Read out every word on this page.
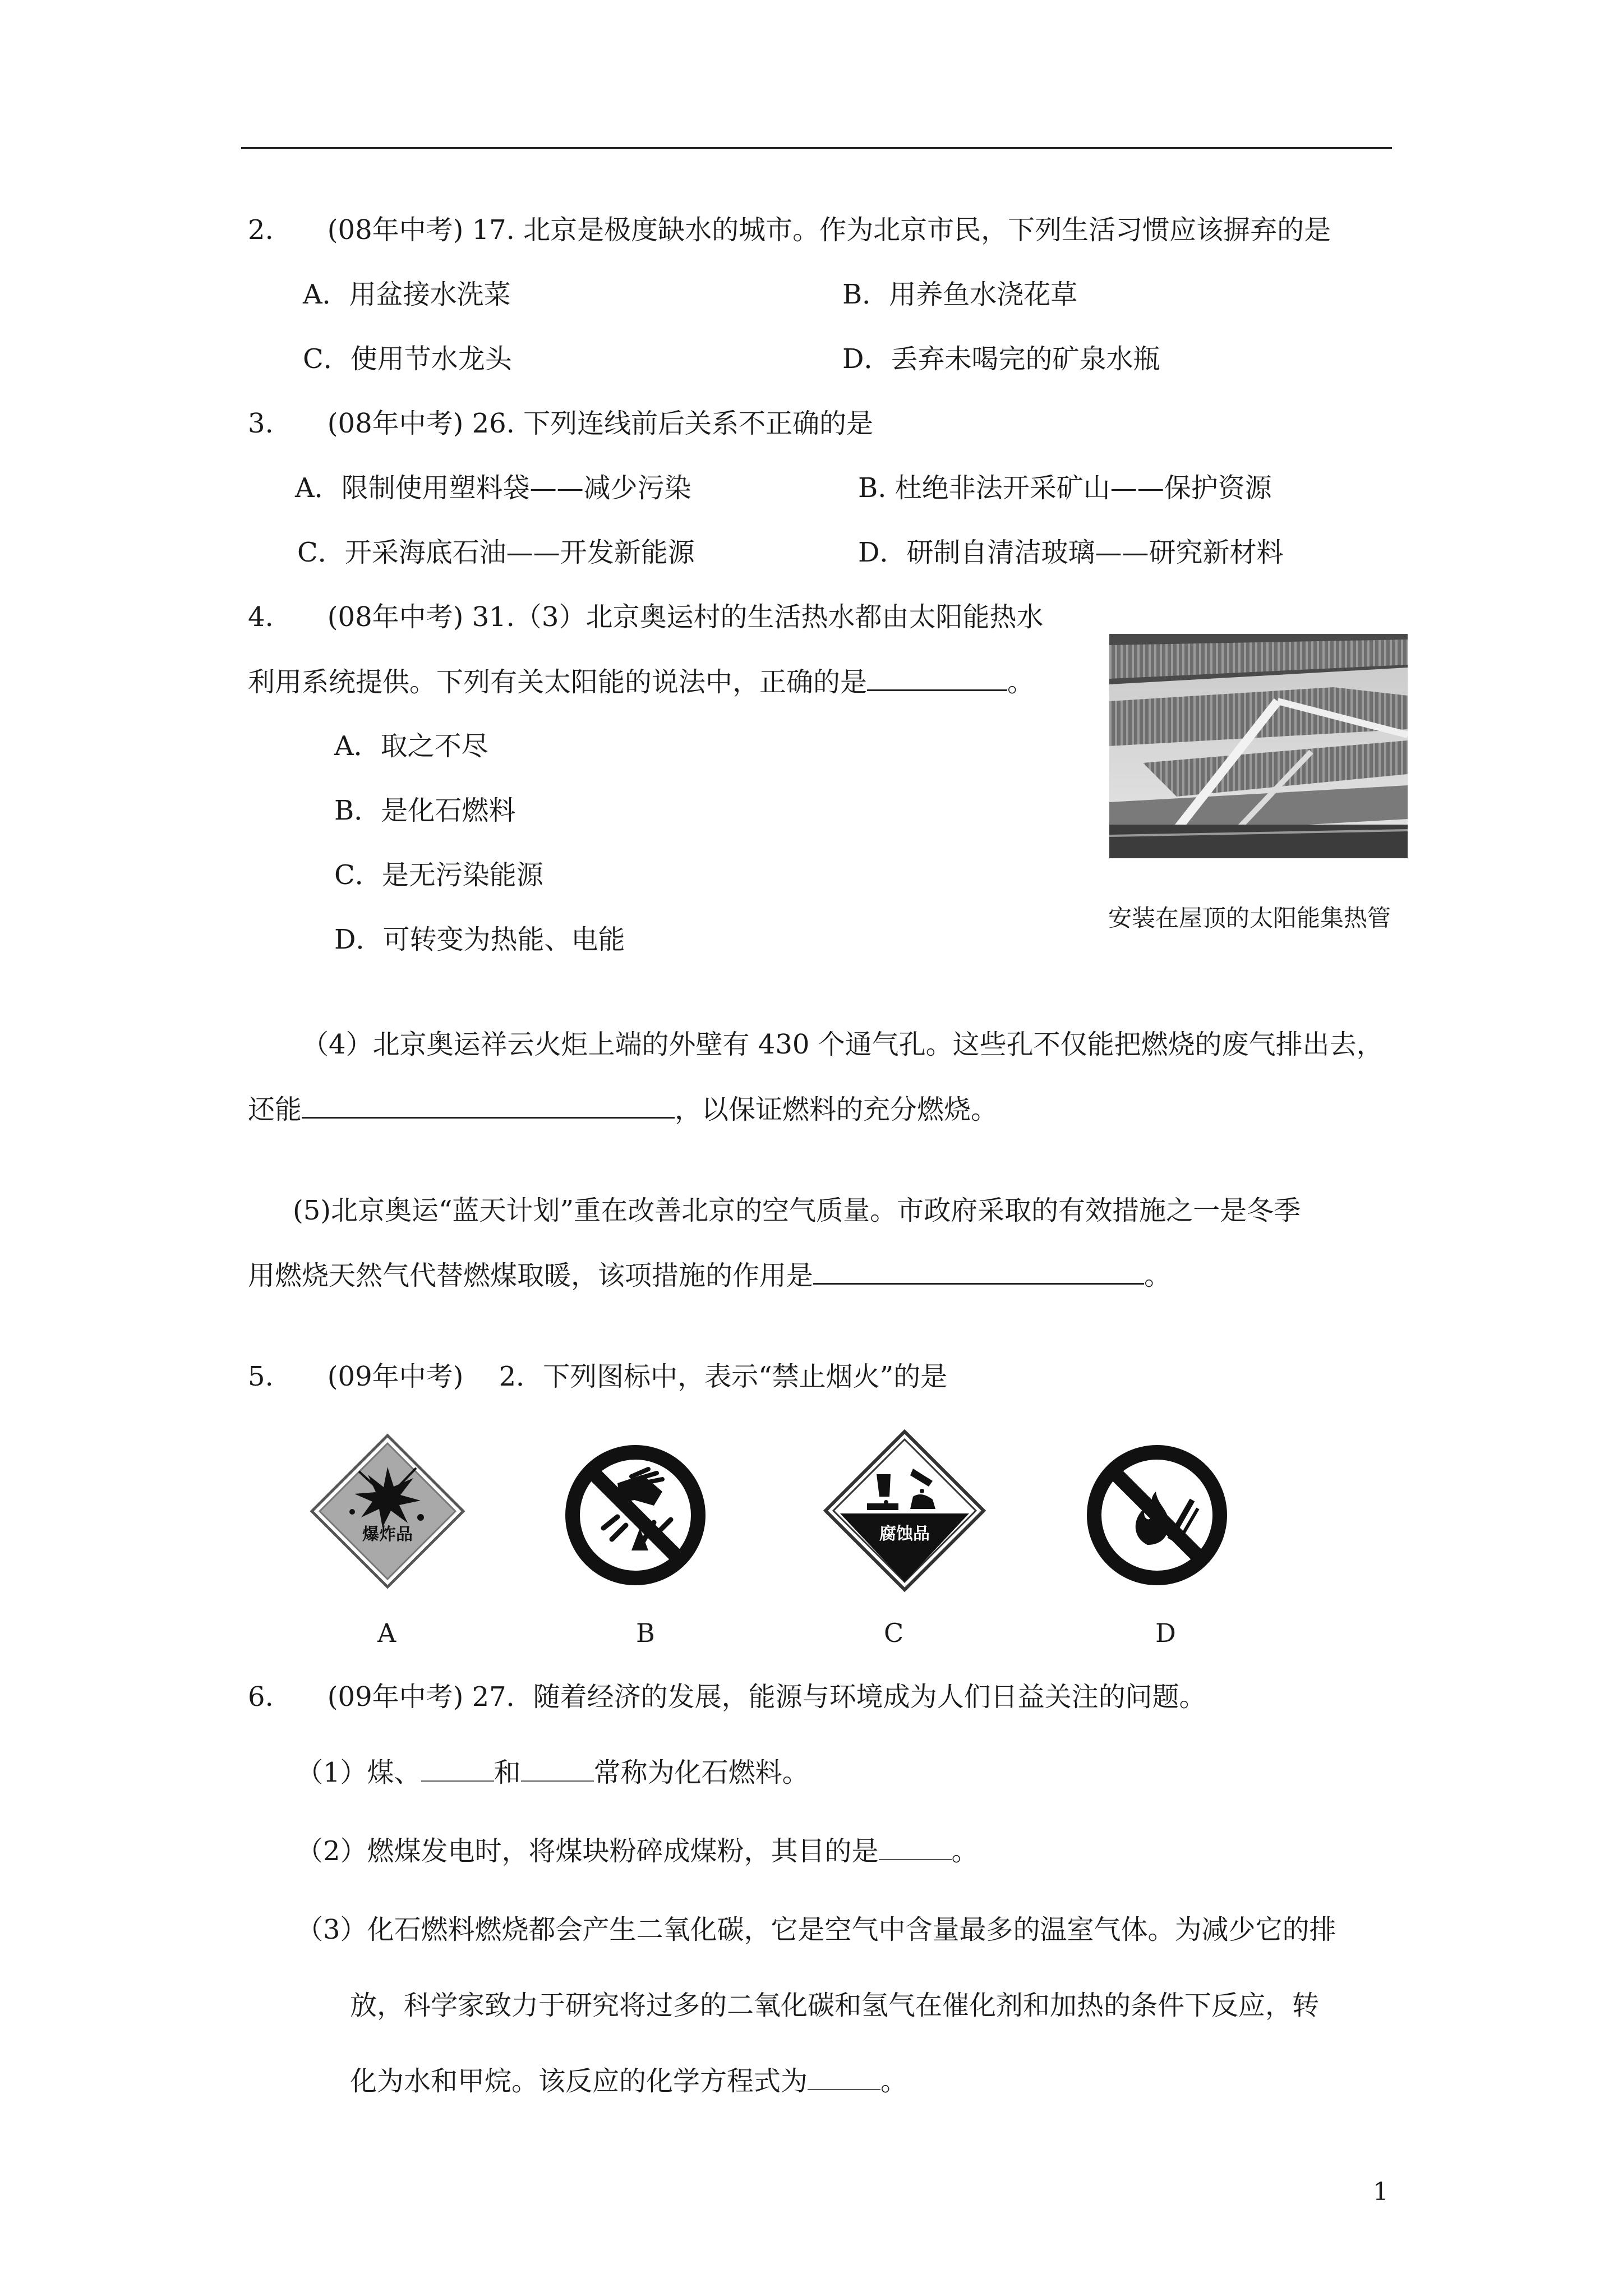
2.　　(08年中考) 17. 北京是极度缺水的城市。作为北京市民，下列生活习惯应该摒弃的是
A．用盆接水洗菜	B．用养鱼水浇花草
C．使用节水龙头	D．丢弃未喝完的矿泉水瓶
3.　　(08年中考) 26. 下列连线前后关系不正确的是
A．限制使用塑料袋——减少污染	B. 杜绝非法开采矿山——保护资源
C．开采海底石油——开发新能源	D．研制自清洁玻璃——研究新材料
4.　　(08年中考) 31.（3）北京奥运村的生活热水都由太阳能热水
利用系统提供。下列有关太阳能的说法中，正确的是	。
A．取之不尽
B．是化石燃料
C．是无污染能源
D．可转变为热能、电能
安装在屋顶的太阳能集热管
（4）北京奥运祥云火炬上端的外壁有 430 个通气孔。这些孔不仅能把燃烧的废气排出去，
还能	，以保证燃料的充分燃烧。
(5)北京奥运“蓝天计划”重在改善北京的空气质量。市政府采取的有效措施之一是冬季
用燃烧天然气代替燃煤取暖，该项措施的作用是	。
5.　　(09年中考)　 2．下列图标中，表示“禁止烟火”的是
爆炸品	腐蚀品
A	B	C	D
6.　　(09年中考) 27．随着经济的发展，能源与环境成为人们日益关注的问题。
（1）煤、	和	常称为化石燃料。
（2）燃煤发电时，将煤块粉碎成煤粉，其目的是	。
（3）化石燃料燃烧都会产生二氧化碳，它是空气中含量最多的温室气体。为减少它的排
放，科学家致力于研究将过多的二氧化碳和氢气在催化剂和加热的条件下反应，转
化为水和甲烷。该反应的化学方程式为	。
1
